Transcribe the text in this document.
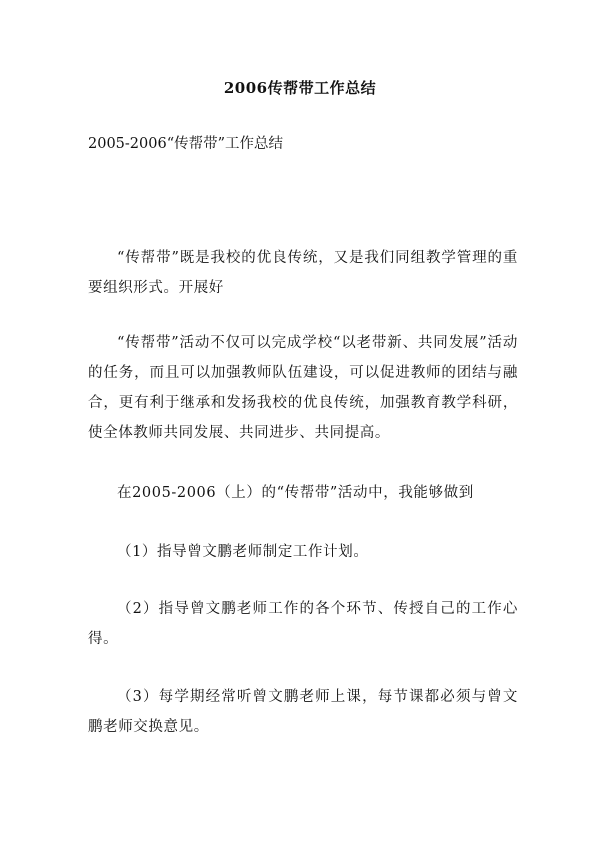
2006传帮带工作总结
2005-2006“传帮带”工作总结

“传帮带”既是我校的优良传统，又是我们同组教学管理的重要组织形式。开展好

“传帮带”活动不仅可以完成学校“以老带新、共同发展”活动的任务，而且可以加强教师队伍建设，可以促进教师的团结与融合，更有利于继承和发扬我校的优良传统，加强教育教学科研，使全体教师共同发展、共同进步、共同提高。

在2005-2006（上）的“传帮带”活动中，我能够做到

（1）指导曾文鹏老师制定工作计划。

（2）指导曾文鹏老师工作的各个环节、传授自己的工作心得。

（3）每学期经常听曾文鹏老师上课，每节课都必须与曾文鹏老师交换意见。
